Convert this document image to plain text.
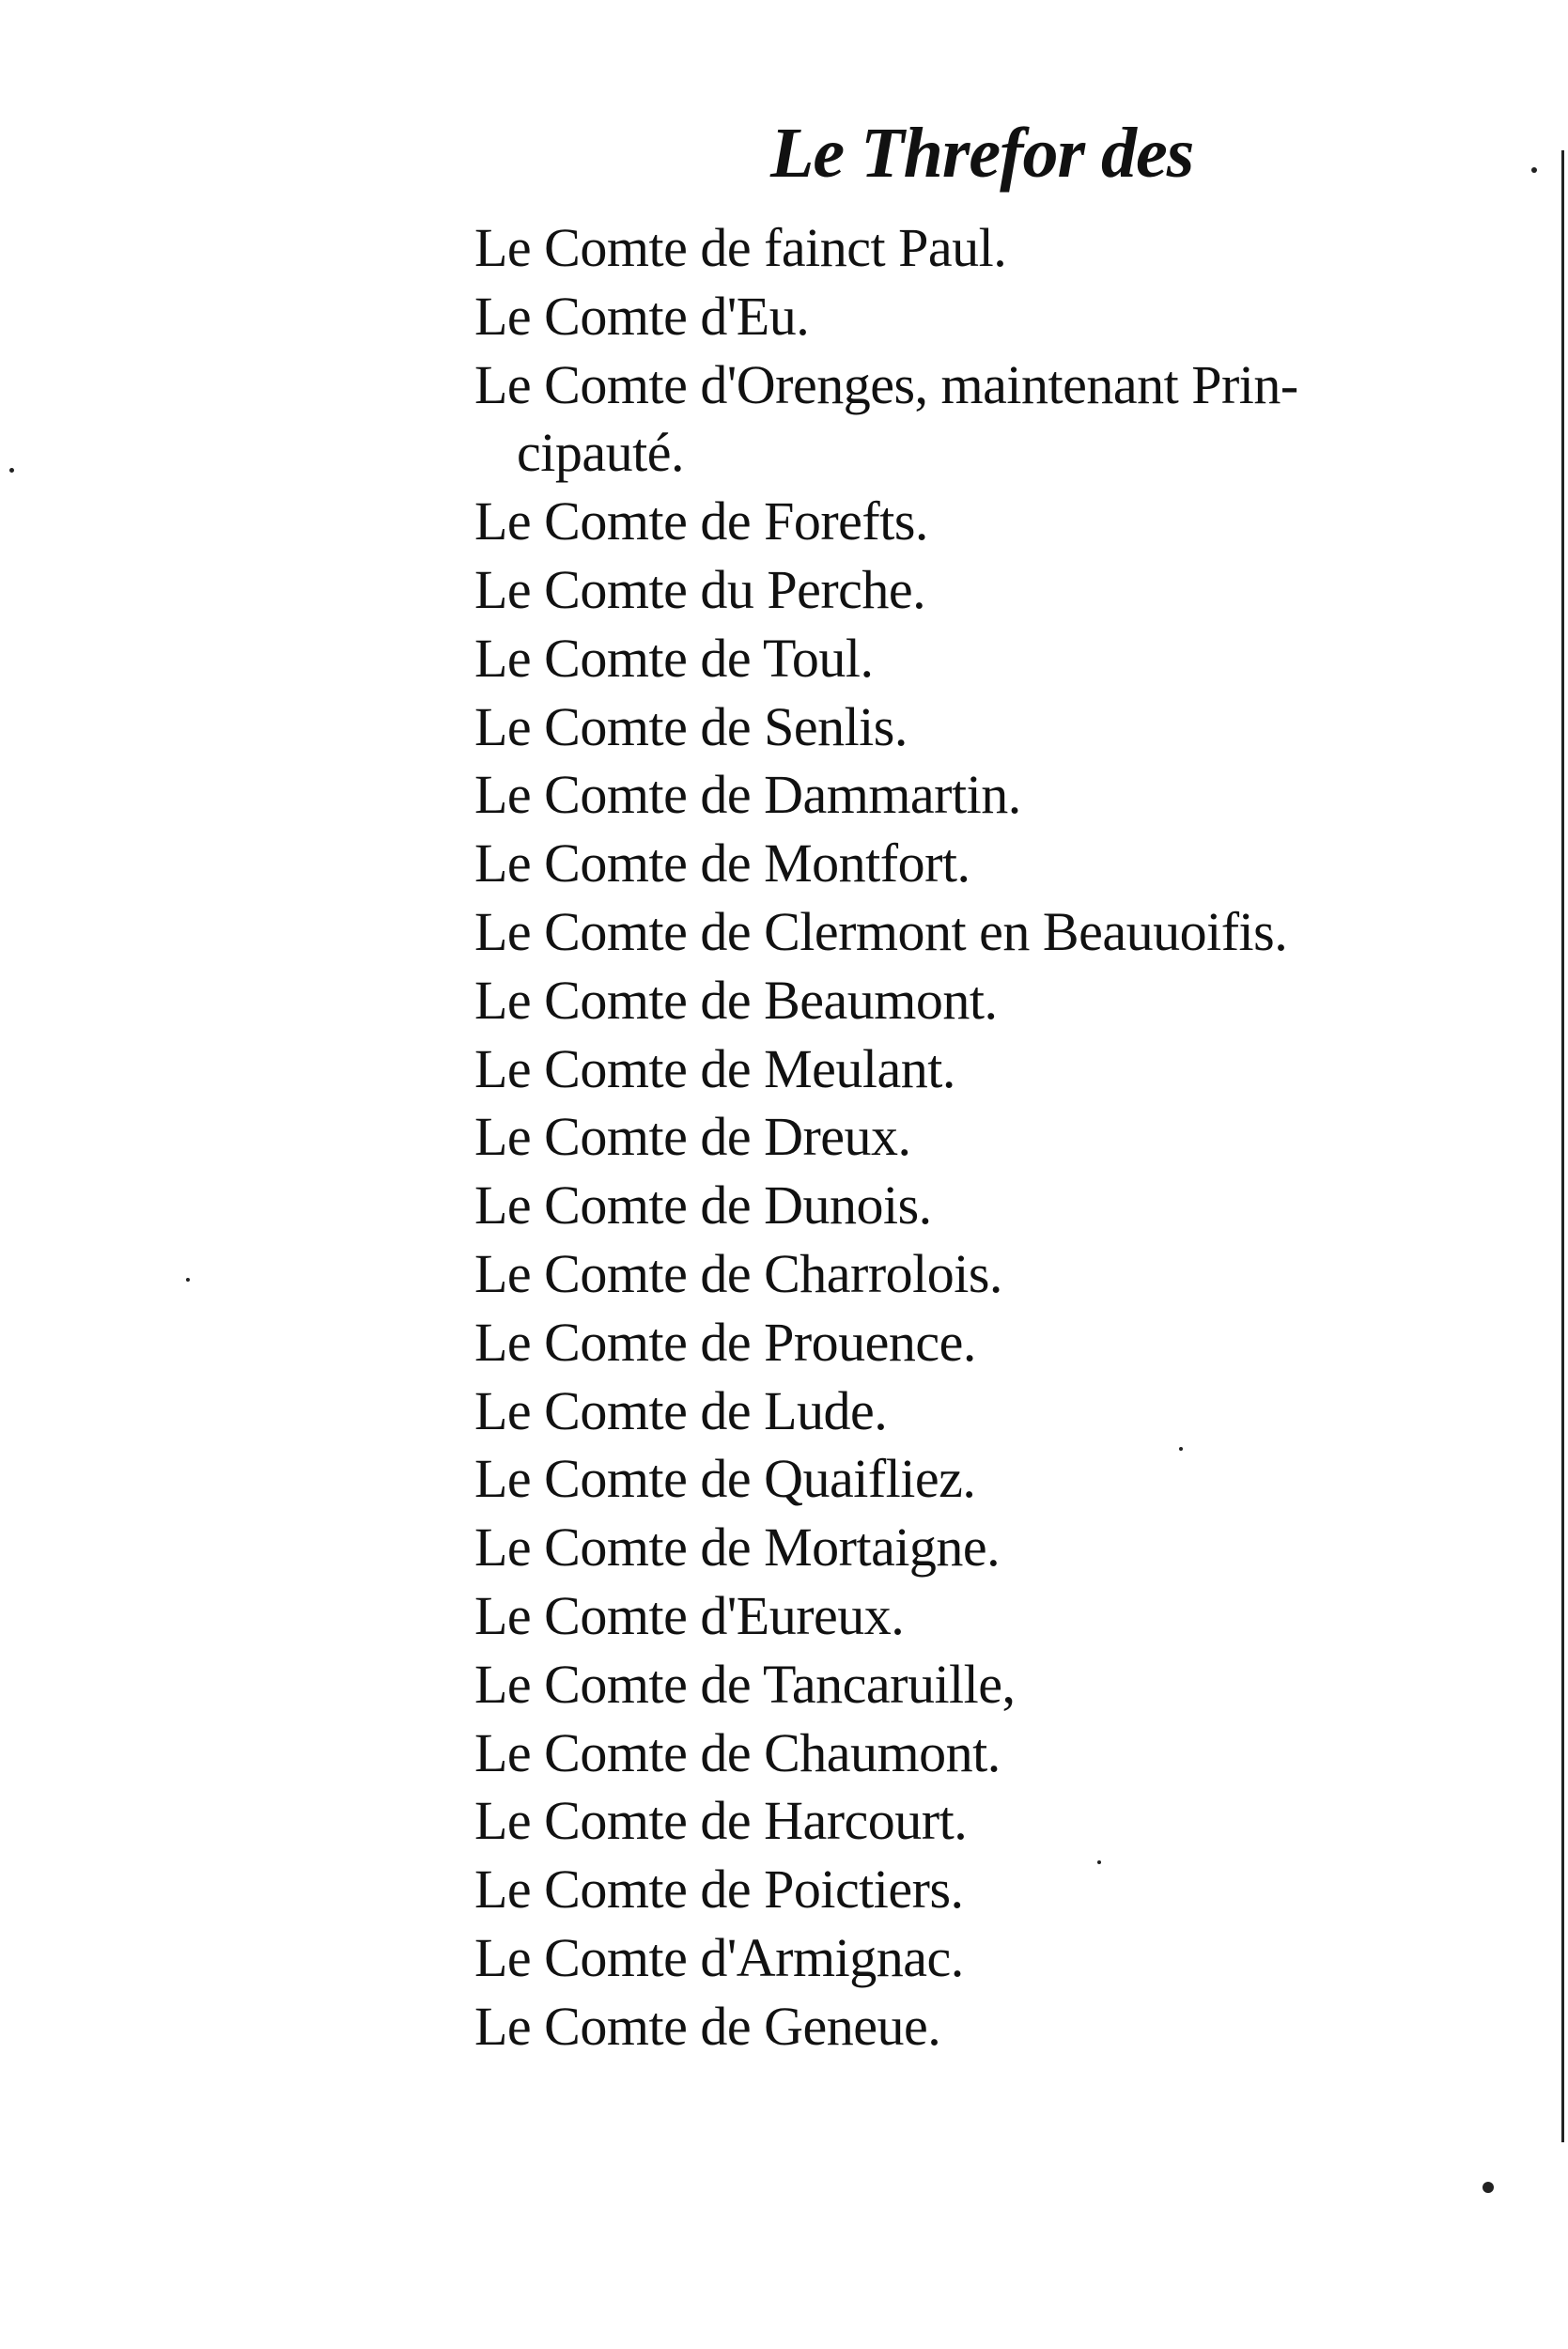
Le Threfor des
Le Comte de fainct Paul.
Le Comte d'Eu.
Le Comte d'Orenges, maintenant Prin-
cipauté.
Le Comte de Forefts.
Le Comte du Perche.
Le Comte de Toul.
Le Comte de Senlis.
Le Comte de Dammartin.
Le Comte de Montfort.
Le Comte de Clermont en Beauuoifis.
Le Comte de Beaumont.
Le Comte de Meulant.
Le Comte de Dreux.
Le Comte de Dunois.
Le Comte de Charrolois.
Le Comte de Prouence.
Le Comte de Lude.
Le Comte de Quaifliez.
Le Comte de Mortaigne.
Le Comte d'Eureux.
Le Comte de Tancaruille,
Le Comte de Chaumont.
Le Comte de Harcourt.
Le Comte de Poictiers.
Le Comte d'Armignac.
Le Comte de Geneue.
